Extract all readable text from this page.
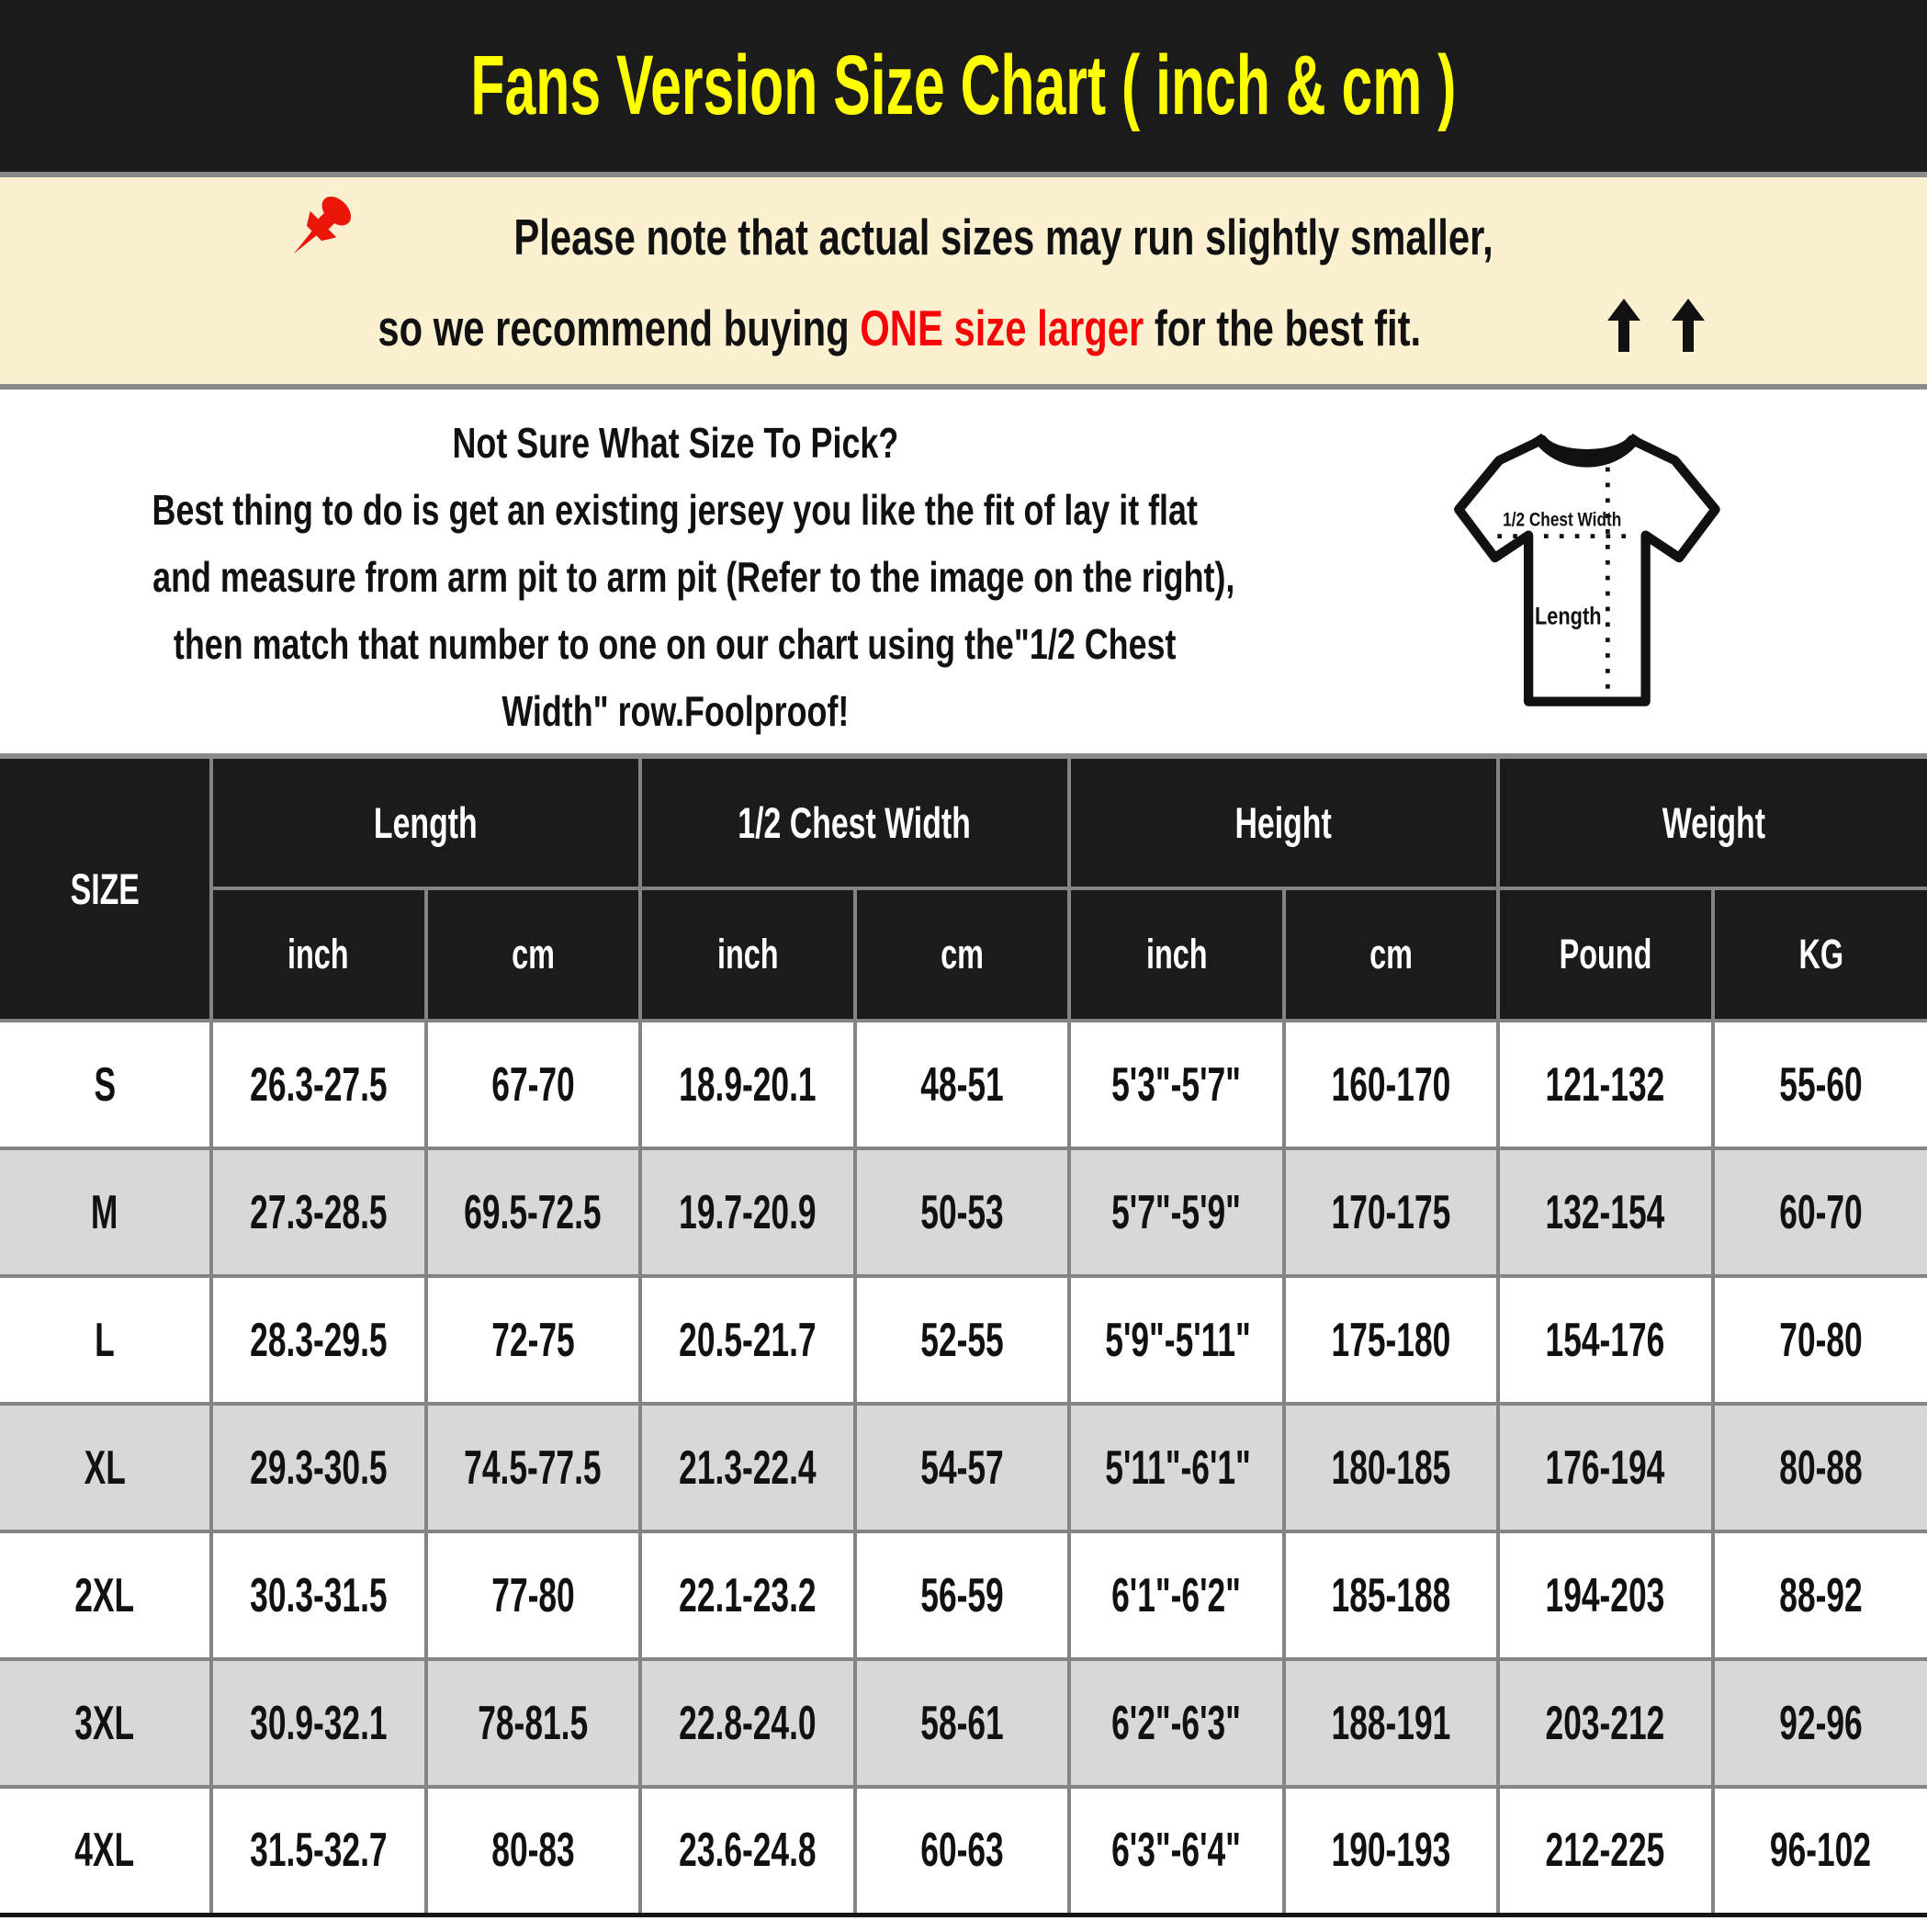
Fans Version Size Chart ( inch & cm )
Please note that actual sizes may run slightly smaller,
so we recommend buying ONE size larger for the best fit.
Not Sure What Size To Pick?
Best thing to do is get an existing jersey you like the fit of lay it flat
and measure from arm pit to arm pit (Refer to the image on the right),
then match that number to one on our chart using the"1/2 Chest
Width" row.Foolproof!
1/2 Chest Width
Length
SIZE	Length		1/2 Chest Width		Height		Weight	
	inch	cm	inch	cm	inch	cm	Pound	KG
S	26.3-27.5	67-70	18.9-20.1	48-51	5'3"-5'7"	160-170	121-132	55-60
M	27.3-28.5	69.5-72.5	19.7-20.9	50-53	5'7"-5'9"	170-175	132-154	60-70
L	28.3-29.5	72-75	20.5-21.7	52-55	5'9"-5'11"	175-180	154-176	70-80
XL	29.3-30.5	74.5-77.5	21.3-22.4	54-57	5'11"-6'1"	180-185	176-194	80-88
2XL	30.3-31.5	77-80	22.1-23.2	56-59	6'1"-6'2"	185-188	194-203	88-92
3XL	30.9-32.1	78-81.5	22.8-24.0	58-61	6'2"-6'3"	188-191	203-212	92-96
4XL	31.5-32.7	80-83	23.6-24.8	60-63	6'3"-6'4"	190-193	212-225	96-102
